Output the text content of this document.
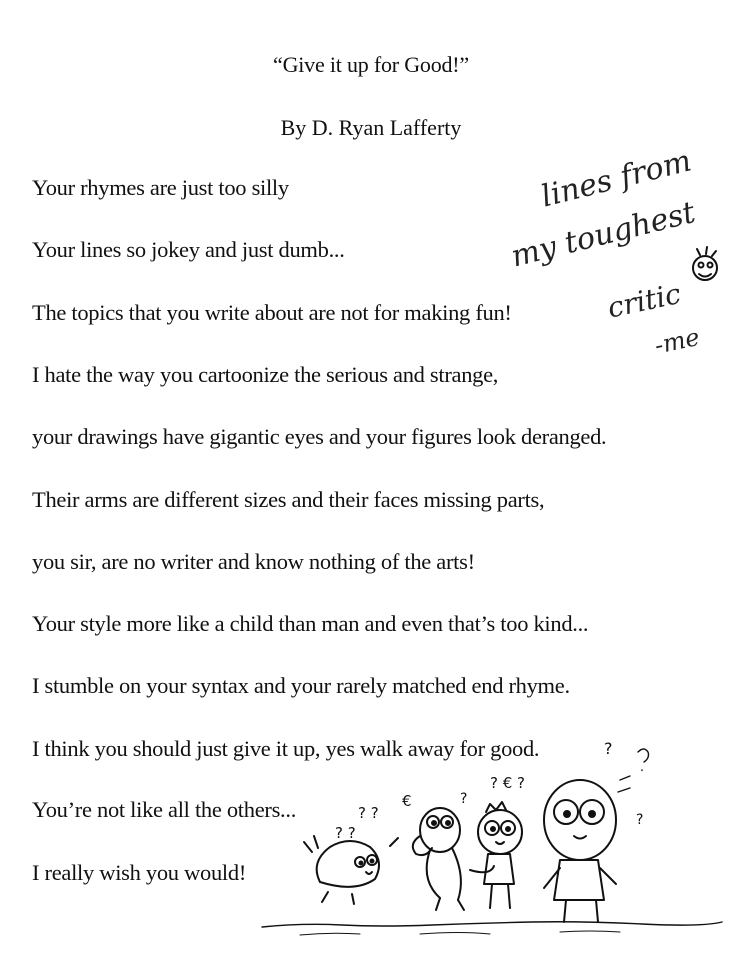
“Give it up for Good!”
By D. Ryan Lafferty
Your rhymes are just too silly
Your lines so jokey and just dumb...
The topics that you write about are not for making fun!
I hate the way you cartoonize the serious and strange,
your drawings have gigantic eyes and your figures look deranged.
Their arms are different sizes and their faces missing parts,
you sir, are no writer and know nothing of the arts!
Your style more like a child than man and even that’s too kind...
I stumble on your syntax and your rarely matched end rhyme.
I think you should just give it up, yes walk away for good.
You’re not like all the others...
I really wish you would!
lines from
my toughest
critic
-me
? ?
? ?
€	?
? € ?
?
?
